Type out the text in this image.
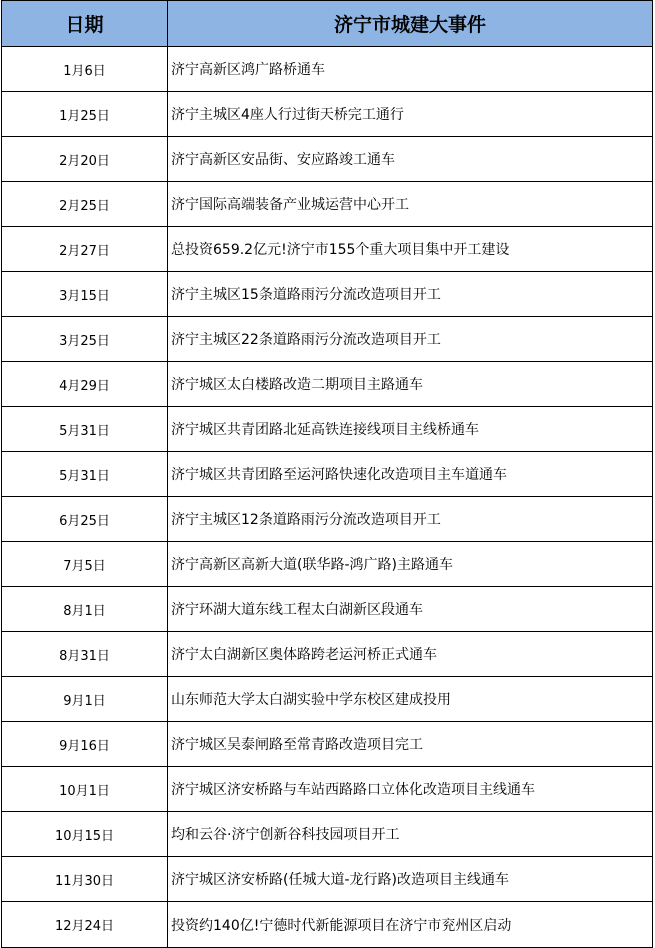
日期	济宁市城建大事件
1月6日	济宁高新区鸿广路桥通车
1月25日	济宁主城区4座人行过街天桥完工通行
2月20日	济宁高新区安品街、安应路竣工通车
2月25日	济宁国际高端装备产业城运营中心开工
2月27日	总投资659.2亿元!济宁市155个重大项目集中开工建设
3月15日	济宁主城区15条道路雨污分流改造项目开工
3月25日	济宁主城区22条道路雨污分流改造项目开工
4月29日	济宁城区太白楼路改造二期项目主路通车
5月31日	济宁城区共青团路北延高铁连接线项目主线桥通车
5月31日	济宁城区共青团路至运河路快速化改造项目主车道通车
6月25日	济宁主城区12条道路雨污分流改造项目开工
7月5日	济宁高新区高新大道(联华路-鸿广路)主路通车
8月1日	济宁环湖大道东线工程太白湖新区段通车
8月31日	济宁太白湖新区奥体路跨老运河桥正式通车
9月1日	山东师范大学太白湖实验中学东校区建成投用
9月16日	济宁城区吴泰闸路至常青路改造项目完工
10月1日	济宁城区济安桥路与车站西路路口立体化改造项目主线通车
10月15日	均和云谷·济宁创新谷科技园项目开工
11月30日	济宁城区济安桥路(任城大道-龙行路)改造项目主线通车
12月24日	投资约140亿!宁德时代新能源项目在济宁市兖州区启动
